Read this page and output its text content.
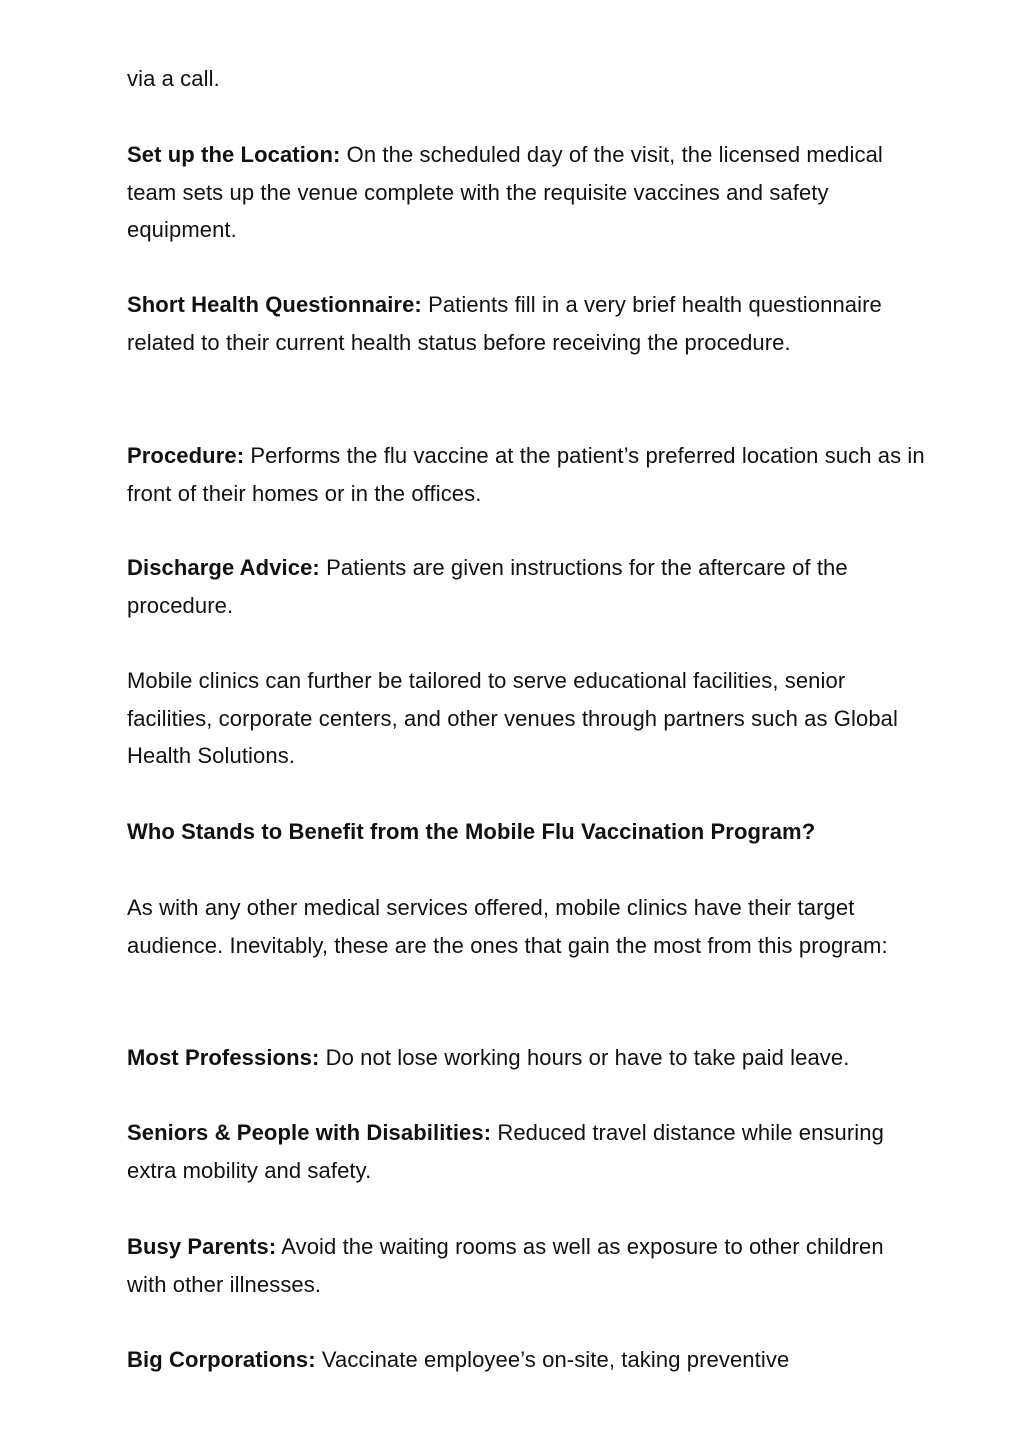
via a call.

Set up the Location: On the scheduled day of the visit, the licensed medical team sets up the venue complete with the requisite vaccines and safety equipment.

Short Health Questionnaire: Patients fill in a very brief health questionnaire related to their current health status before receiving the procedure.

Procedure: Performs the flu vaccine at the patient’s preferred location such as in front of their homes or in the offices.

Discharge Advice: Patients are given instructions for the aftercare of the procedure.

Mobile clinics can further be tailored to serve educational facilities, senior facilities, corporate centers, and other venues through partners such as Global Health Solutions.

Who Stands to Benefit from the Mobile Flu Vaccination Program?

As with any other medical services offered, mobile clinics have their target audience. Inevitably, these are the ones that gain the most from this program:

Most Professions: Do not lose working hours or have to take paid leave.

Seniors & People with Disabilities: Reduced travel distance while ensuring extra mobility and safety.

Busy Parents: Avoid the waiting rooms as well as exposure to other children with other illnesses.

Big Corporations: Vaccinate employee’s on-site, taking preventive
